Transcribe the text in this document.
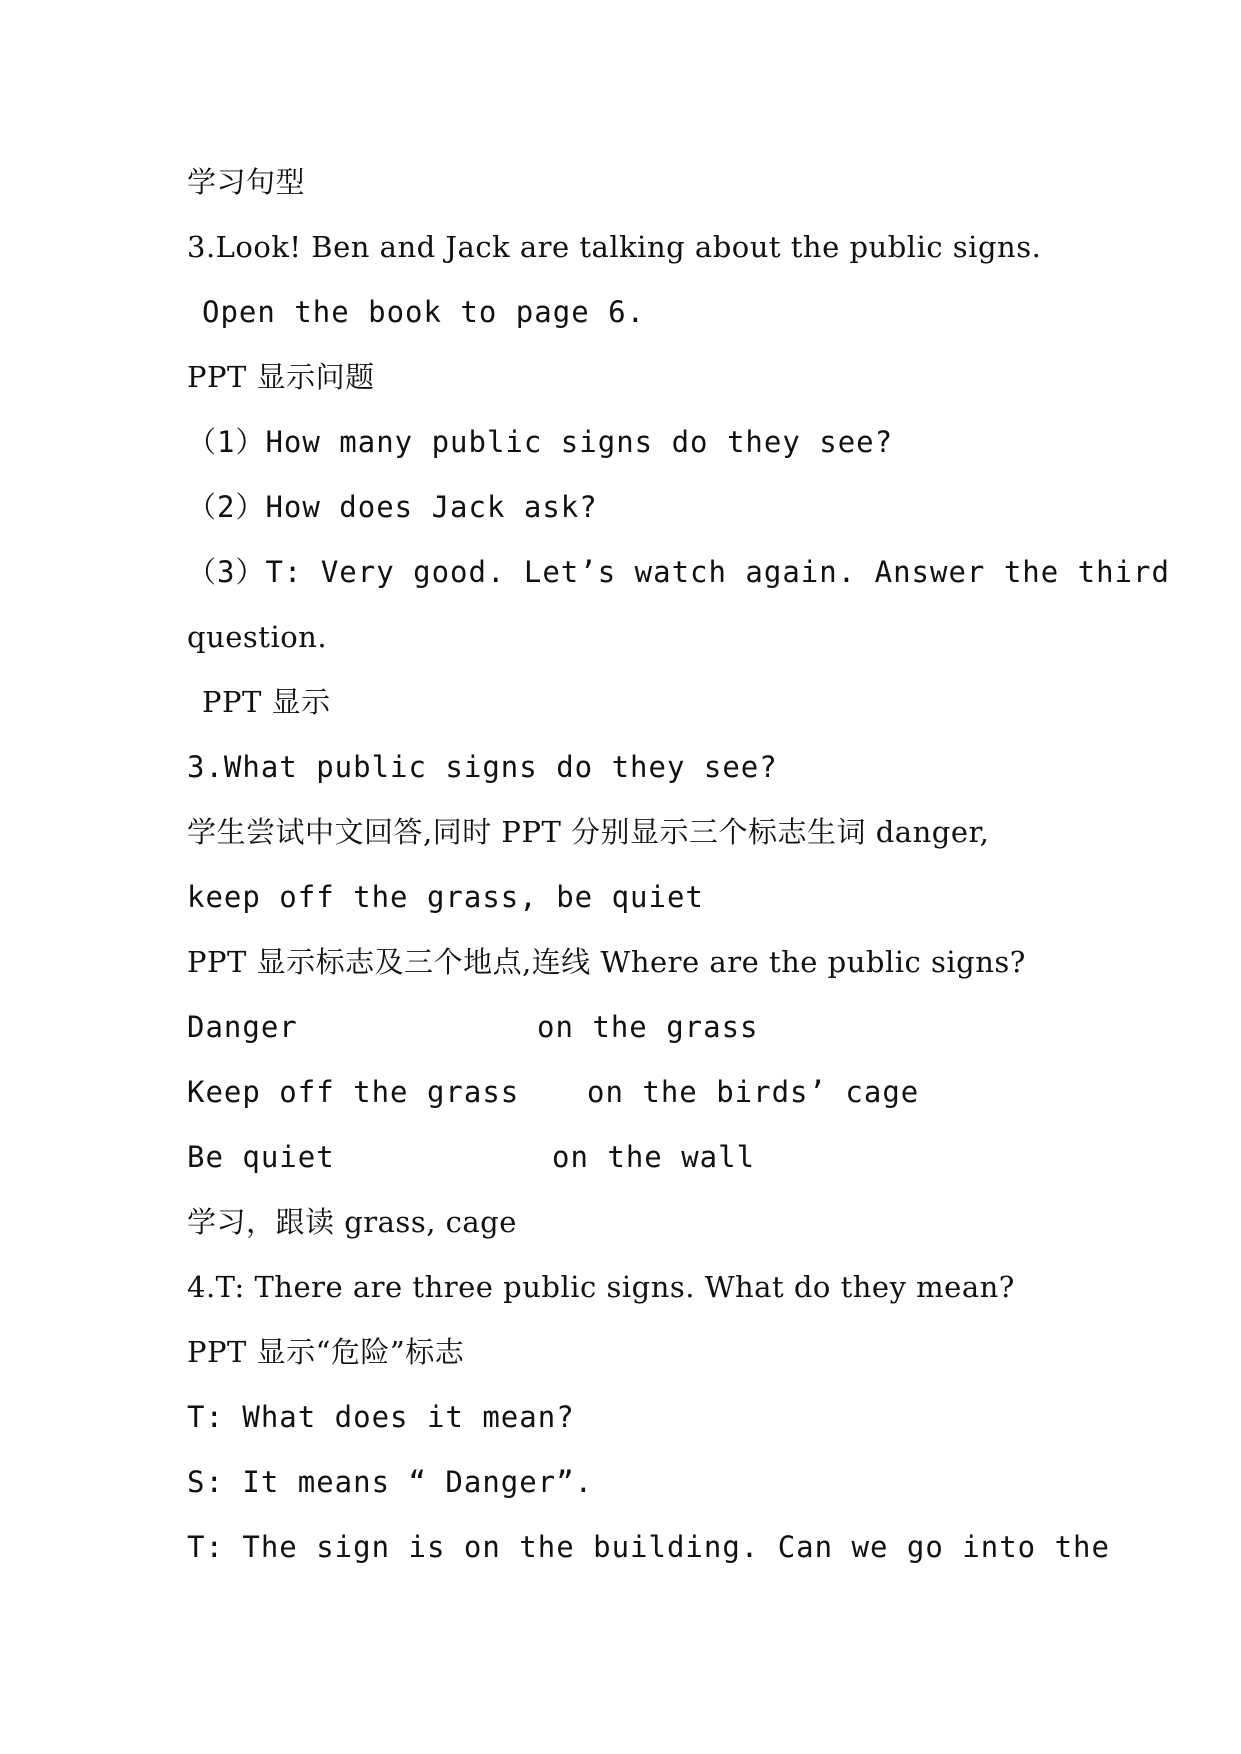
学习句型
3.Look! Ben and Jack are talking about the public signs.
Open the book to page 6.
PPT 显示问题
（1）How many public signs do they see?
（2）How does Jack ask?
（3）T: Very good. Let’s watch again. Answer the third
question.
PPT 显示
3.What public signs do they see?
学生尝试中文回答,同时 PPT 分别显示三个标志生词 danger,
keep off the grass, be quiet
PPT 显示标志及三个地点,连线 Where are the public signs?
Danger	on the grass
Keep off the grass	on the birds’ cage
Be quiet	on the wall
学习，跟读 grass, cage
4.T: There are three public signs. What do they mean?
PPT 显示“危险”标志
T: What does it mean?
S: It means “ Danger”.
T: The sign is on the building. Can we go into the
